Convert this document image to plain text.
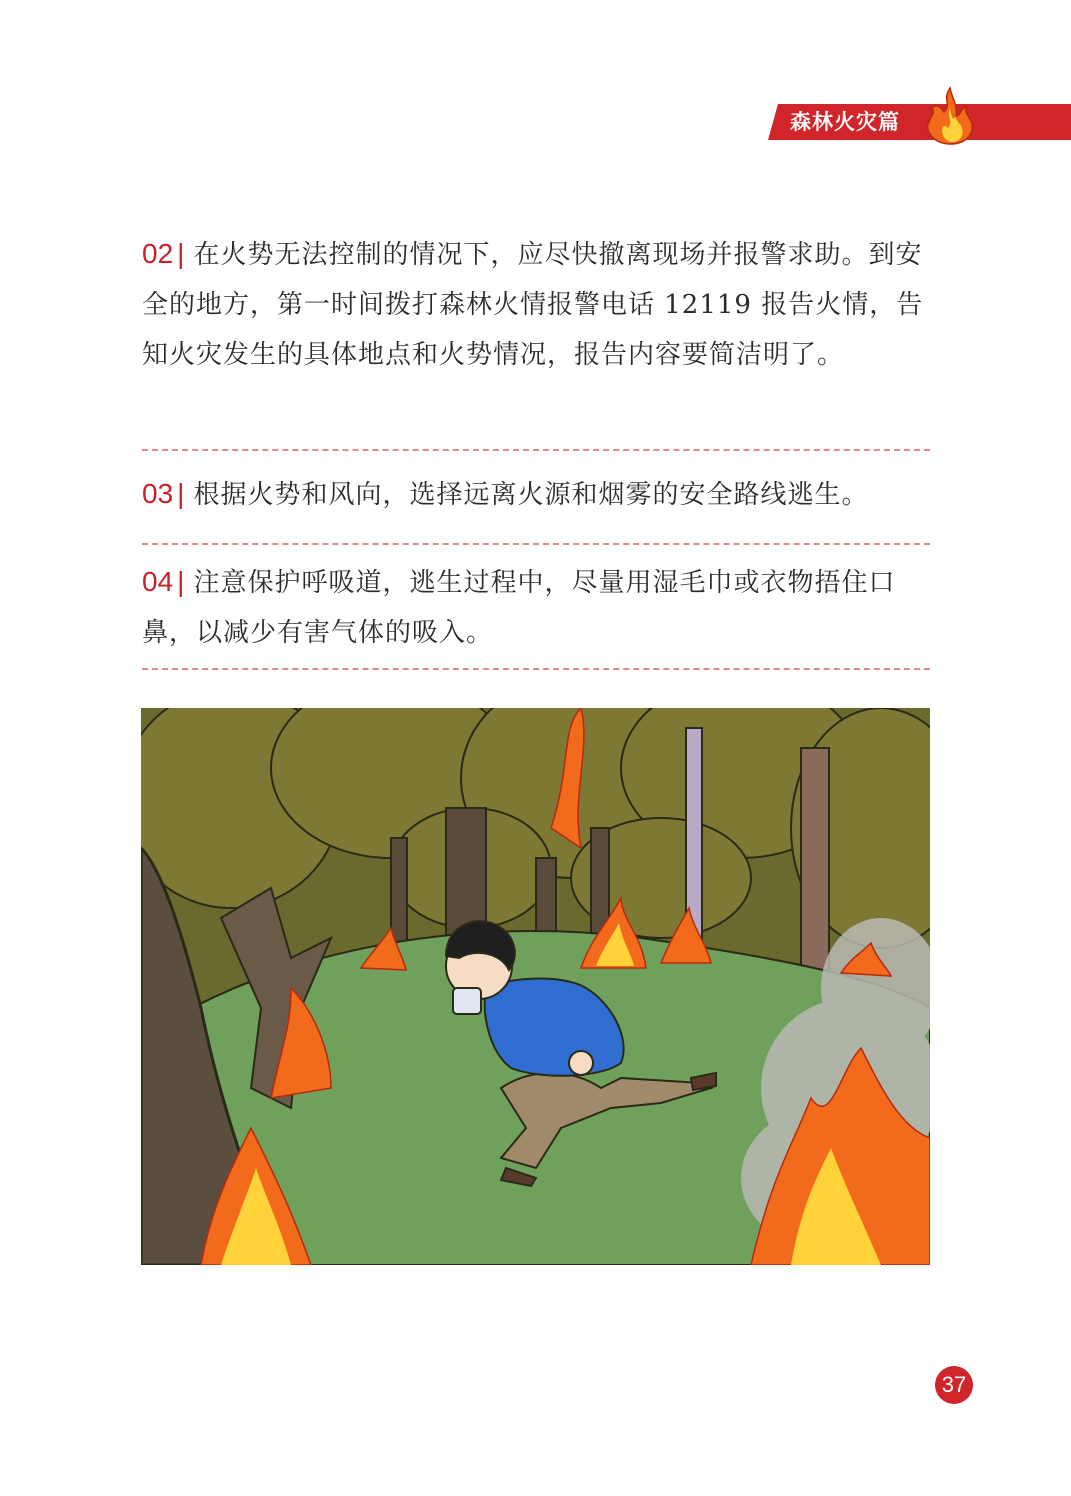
森林火灾篇
02 | 在火势无法控制的情况下，应尽快撤离现场并报警求助。到安全的地方，第一时间拨打森林火情报警电话 12119 报告火情，告知火灾发生的具体地点和火势情况，报告内容要简洁明了。
03 | 根据火势和风向，选择远离火源和烟雾的安全路线逃生。
04 | 注意保护呼吸道，逃生过程中，尽量用湿毛巾或衣物捂住口鼻，以减少有害气体的吸入。
37
